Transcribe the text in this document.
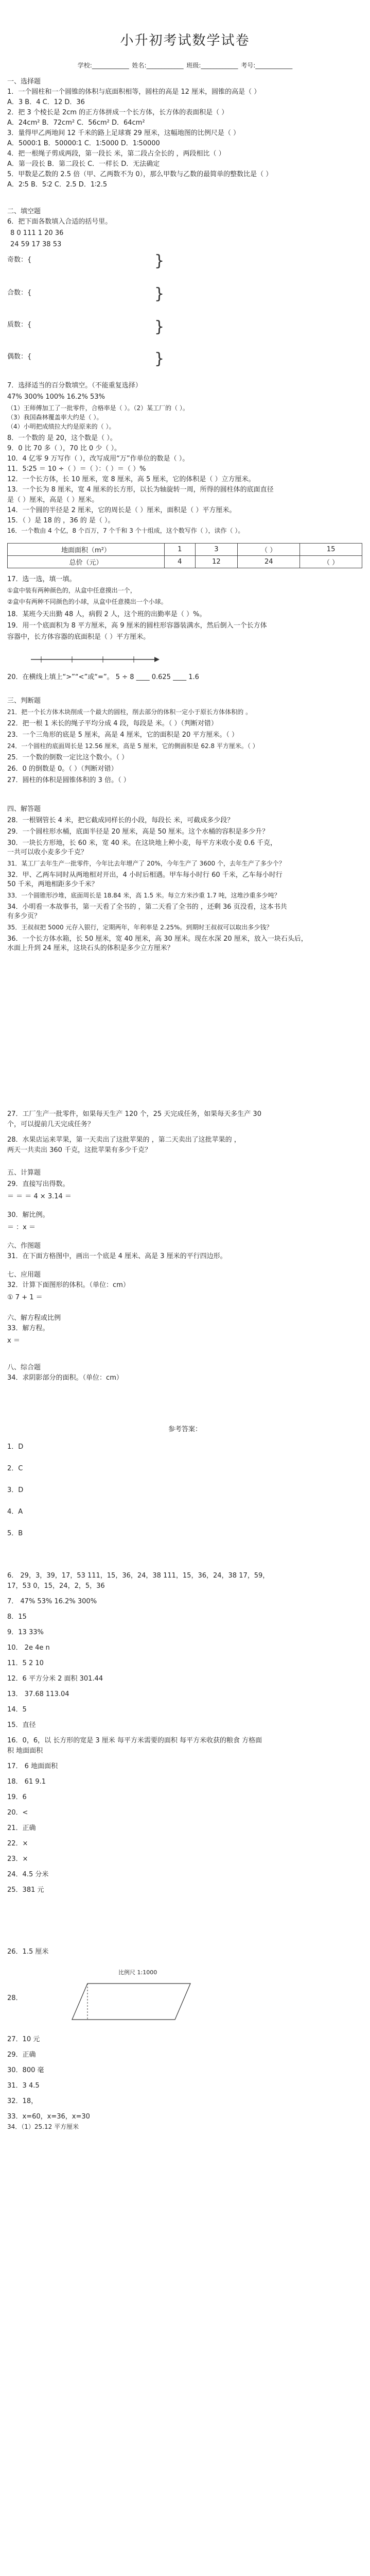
小升初考试数学试卷
学校:____________ 姓名:____________ 班级:____________ 考号:____________
一、选择题
1．一个圆柱和一个圆锥的体积与底面积相等，圆柱的高是 12 厘米，圆锥的高是（ ）
A．3 B．4 C．12 D．36
2．把 3 个棱长是 2cm 的正方体拼成一个长方体，长方体的表面积是（ ）
A．24cm² B．72cm² C．56cm² D．64cm²
3．量得甲乙两地间 12 千米的路上足球赛 29 厘米，这幅地图的比例尺是（ ）
A．5000∶1 B．50000∶1 C．1∶5000 D．1∶50000
4．把一根绳子剪成两段，第一段长 米，第二段占全长的 ，两段相比（ ）
A．第一段长 B．第二段长 C．一样长 D．无法确定
5．甲数是乙数的 2.5 倍（甲、乙两数不为 0），那么甲数与乙数的最简单的整数比是（ ）
A．2∶5 B．5∶2 C．2.5 D．1∶2.5
二、填空题
6．把下面各数填入合适的括号里。
8 0 111 1 20 36
24 59 17 38 53
奇数：{	}
合数：{	}
质数：{	}
偶数：{	}
7．选择适当的百分数填空。（不能重复选择）
47% 300% 100% 16.2% 53%
（1）王师傅加工了一批零件，合格率是（ ）。（2）某工厂的（ ）。
（3）我国森林覆盖率大约是（ ）。
（4）小明把成绩拉大约是原来的（ ）。
8．一个数的 是 20，这个数是（ ）。
9．0 比 70 多（ ），70 比 0 少（ ）。
10．4 亿零 9 万写作（ ），改写成用“万”作单位的数是（ ）。
11．5∶25 ＝ 10 ÷（ ）＝（ ）：（ ）＝（ ）%
12．一个长方体，长 10 厘米，宽 8 厘米，高 5 厘米，它的体积是（ ）立方厘米。
13．一个长为 8 厘米，宽 4 厘米的长方形，以长为轴旋转一周，所得的圆柱体的底面直径
是（ ）厘米，高是（ ）厘米。
14．一个圆的半径是 2 厘米，它的周长是（ ）厘米，面积是（ ）平方厘米。
15．（ ）是 18 的 ，36 的 是（ ）。
16．一个数由 4 个亿，8 个百万，7 个千和 3 个十组成，这个数写作（ ），读作（ ）。
地面面积（m²）	1	3	（ ）	15
总价（元）	4	12	24	（ ）
17．选一选，填一填。
①盒中装有两种颜色的，从盒中任意摸出一个，
②盒中有两种不同颜色的小球，从盒中任意摸出一个小球。
18．某班今天出勤 48 人，病假 2 人，这个班的出勤率是（ ）%。
19．用一个底面积为 8 平方厘米，高 9 厘米的圆柱形容器装满水，然后倒入一个长方体
容器中，长方体容器的底面积是（ ）平方厘米。
20．在横线上填上“>”“<”或“=”。 5 ÷ 8 ____ 0.625 ____ 1.6
三、判断题
21．把一个长方体木块削成一个最大的圆柱，削去部分的体积一定小于原长方体体积的 。
22．把一根 1 米长的绳子平均分成 4 段，每段是 米。（ ）（判断对错）
23．一个三角形的底是 5 厘米，高是 4 厘米，它的面积是 20 平方厘米。（ ）
24．一个圆柱的底面周长是 12.56 厘米，高是 5 厘米，它的侧面积是 62.8 平方厘米。（ ）
25．一个数的倒数一定比这个数小。（ ）
26．0 的倒数是 0。（ ）（判断对错）
27．圆柱的体积是圆锥体积的 3 倍。（ ）
四、解答题
28．一根钢管长 4 米，把它截成同样长的小段，每段长 米，可截成多少段？
29．一个圆柱形水桶，底面半径是 20 厘米，高是 50 厘米。这个水桶的容积是多少升？
30．一块长方形地，长 60 米，宽 40 米。在这块地上种小麦，每平方米收小麦 0.6 千克，
一共可以收小麦多少千克？
31．某工厂去年生产一批零件，今年比去年增产了 20%，今年生产了 3600 个，去年生产了多少个？
32．甲、乙两车同时从两地相对开出，4 小时后相遇。甲车每小时行 60 千米，乙车每小时行
50 千米，两地相距多少千米？
33．一个圆锥形沙堆，底面周长是 18.84 米，高 1.5 米。每立方米沙重 1.7 吨，这堆沙重多少吨？
34．小明看一本故事书，第一天看了全书的 ，第二天看了全书的 ，还剩 36 页没看，这本书共
有多少页？
35．王叔叔把 5000 元存入银行，定期两年，年利率是 2.25%。到期时王叔叔可以取出多少钱？
36．一个长方体水箱，长 50 厘米，宽 40 厘米，高 30 厘米。现在水深 20 厘米，放入一块石头后，
水面上升到 24 厘米，这块石头的体积是多少立方厘米？
27．工厂生产一批零件，如果每天生产 120 个，25 天完成任务，如果每天多生产 30
个，可以提前几天完成任务？
28．水果店运来苹果，第一天卖出了这批苹果的 ，第二天卖出了这批苹果的 ，
两天一共卖出 360 千克，这批苹果有多少千克？
五、计算题
29．直接写出得数。
＝ ＝ ＝ 4 × 3.14 ＝
30．解比例。
＝ ：x ＝
六、作图题
31．在下面方格图中，画出一个底是 4 厘米、高是 3 厘米的平行四边形。
七、应用题
32．计算下面图形的体积。（单位：cm）
① 7 + 1 ＝
六、解方程或比例
33．解方程。
x ＝
八、综合题
34．求阴影部分的面积。（单位：cm）
参考答案：
1．D
2．C
3．D
4．A
5．B
6． 29，3，39，17，53 111，15，36，24，38 111，15，36，24，38 17，59，
17，53 0，15，24，2，5，36
7． 47% 53% 16.2% 300%
8．15
9．13 33%
10． 2e 4e n
11．5 2 10
12．6 平方分米 2 面积 301.44
13． 37.68 113.04
14．5
15．直径
16．0，6，以 长方形的宽是 3 厘米 每平方米需要的面积 每平方米收获的粮食 方格面
积 地面面积
17． 6 地面面积
18． 61 9.1
19．6
20．<
21．正确
22．×
23．×
24．4.5 分米
25．381 元
26．1.5 厘米
比例尺 1:1000
28．
27．10 元
29．正确
30．800 毫
31．3 4.5
32．18，
33．x=60，x=36，x=30
34．（1）25.12 平方厘米
